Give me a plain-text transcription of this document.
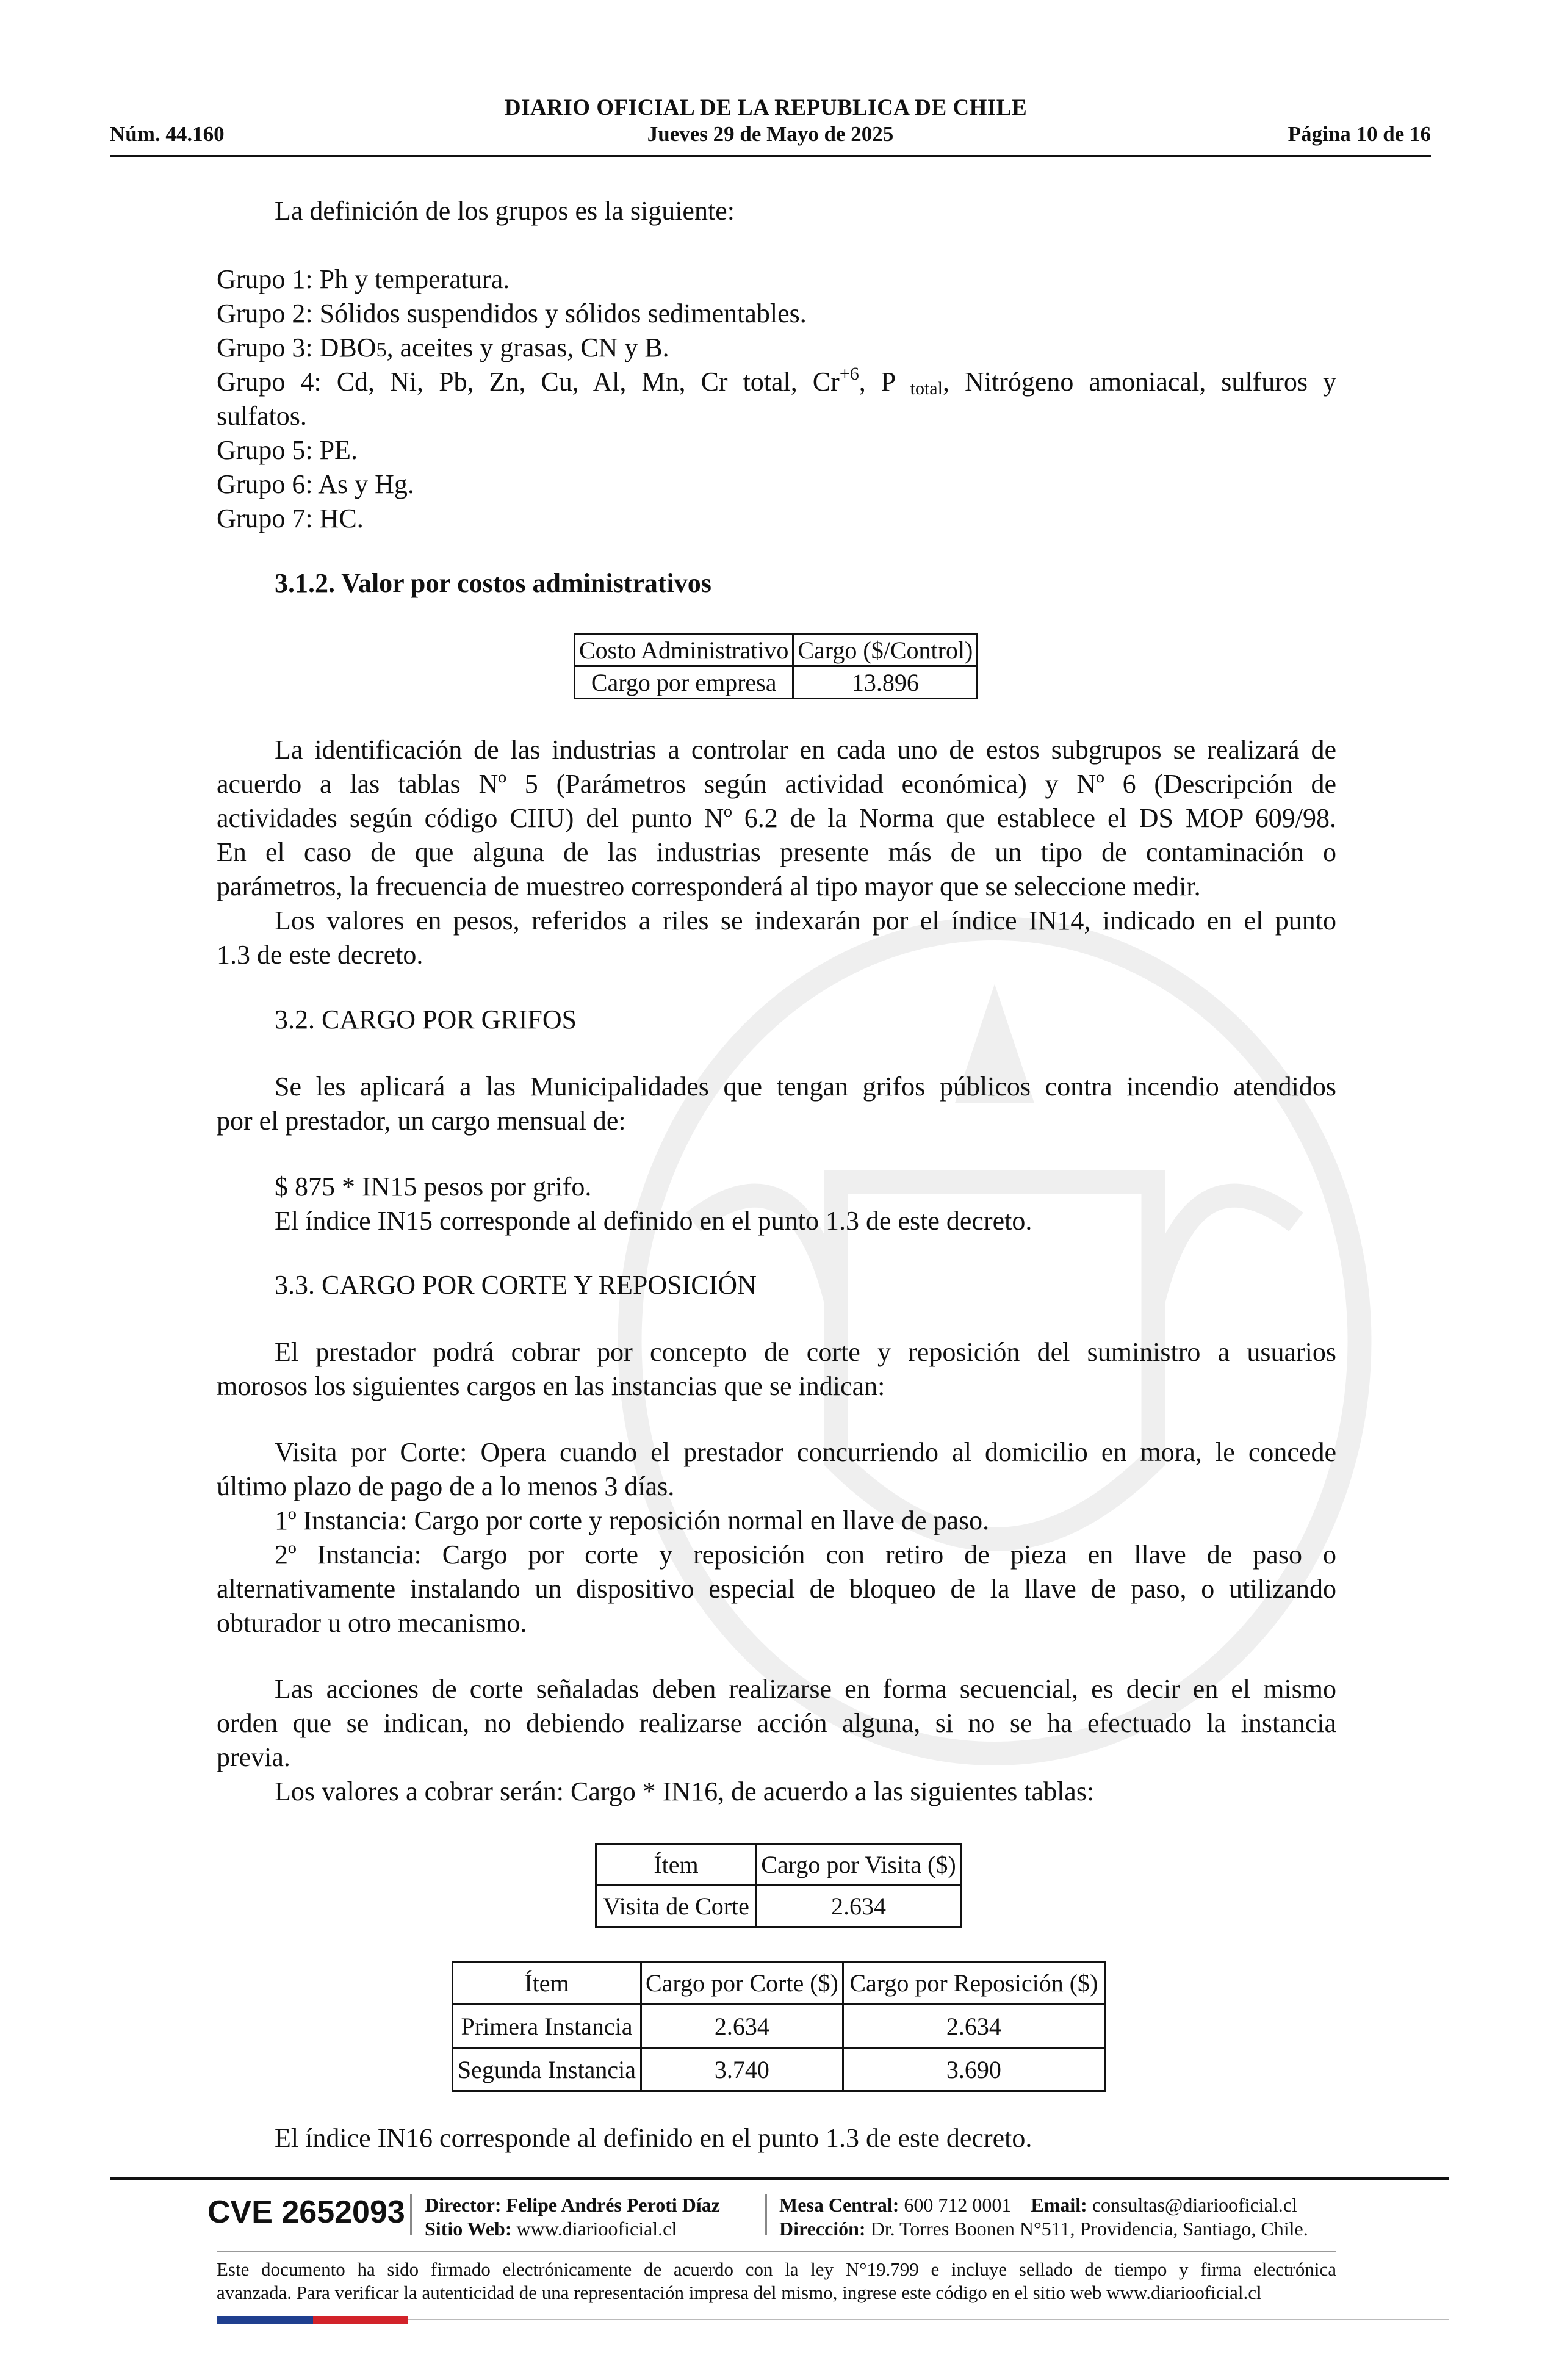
DIARIO OFICIAL DE LA REPUBLICA DE CHILE
Jueves 29 de Mayo de 2025
Núm. 44.160	Página 10 de 16
La definición de los grupos es la siguiente:
Grupo 1: Ph y temperatura.
Grupo 2: Sólidos suspendidos y sólidos sedimentables.
Grupo 3: DBO5, aceites y grasas, CN y B.
Grupo 4: Cd, Ni, Pb, Zn, Cu, Al, Mn, Cr total, $Cr^{+6}$, P $_{total}$, Nitrógeno amoniacal, sulfuros y
sulfatos.
Grupo 5: PE.
Grupo 6: As y Hg.
Grupo 7: HC.
3.1.2. Valor por costos administrativos
Costo Administrativo	Cargo ($/Control)
Cargo por empresa	13.896
La identificación de las industrias a controlar en cada uno de estos subgrupos se realizará de
acuerdo a las tablas Nº 5 (Parámetros según actividad económica) y Nº 6 (Descripción de
actividades según código CIIU) del punto Nº 6.2 de la Norma que establece el DS MOP 609/98.
En el caso de que alguna de las industrias presente más de un tipo de contaminación o
parámetros, la frecuencia de muestreo corresponderá al tipo mayor que se seleccione medir.
Los valores en pesos, referidos a riles se indexarán por el índice IN14, indicado en el punto
1.3 de este decreto.
3.2. CARGO POR GRIFOS
Se les aplicará a las Municipalidades que tengan grifos públicos contra incendio atendidos
por el prestador, un cargo mensual de:
$ 875 * IN15 pesos por grifo.
El índice IN15 corresponde al definido en el punto 1.3 de este decreto.
3.3. CARGO POR CORTE Y REPOSICIÓN
El prestador podrá cobrar por concepto de corte y reposición del suministro a usuarios
morosos los siguientes cargos en las instancias que se indican:
Visita por Corte: Opera cuando el prestador concurriendo al domicilio en mora, le concede
último plazo de pago de a lo menos 3 días.
1º Instancia: Cargo por corte y reposición normal en llave de paso.
2º Instancia: Cargo por corte y reposición con retiro de pieza en llave de paso o
alternativamente instalando un dispositivo especial de bloqueo de la llave de paso, o utilizando
obturador u otro mecanismo.
Las acciones de corte señaladas deben realizarse en forma secuencial, es decir en el mismo
orden que se indican, no debiendo realizarse acción alguna, si no se ha efectuado la instancia
previa.
Los valores a cobrar serán: Cargo * IN16, de acuerdo a las siguientes tablas:
Ítem	Cargo por Visita ($)
Visita de Corte	2.634
Ítem	Cargo por Corte ($)	Cargo por Reposición ($)
Primera Instancia	2.634	2.634
Segunda Instancia	3.740	3.690
El índice IN16 corresponde al definido en el punto 1.3 de este decreto.
CVE 2652093 Director: Felipe Andrés Peroti Díaz
Sitio Web: www.diariooficial.cl
Mesa Central: 600 712 0001 Email: consultas@diariooficial.cl
Dirección: Dr. Torres Boonen N°511, Providencia, Santiago, Chile.
Este documento ha sido firmado electrónicamente de acuerdo con la ley N°19.799 e incluye sellado de tiempo y firma electrónica
avanzada. Para verificar la autenticidad de una representación impresa del mismo, ingrese este código en el sitio web www.diariooficial.cl
